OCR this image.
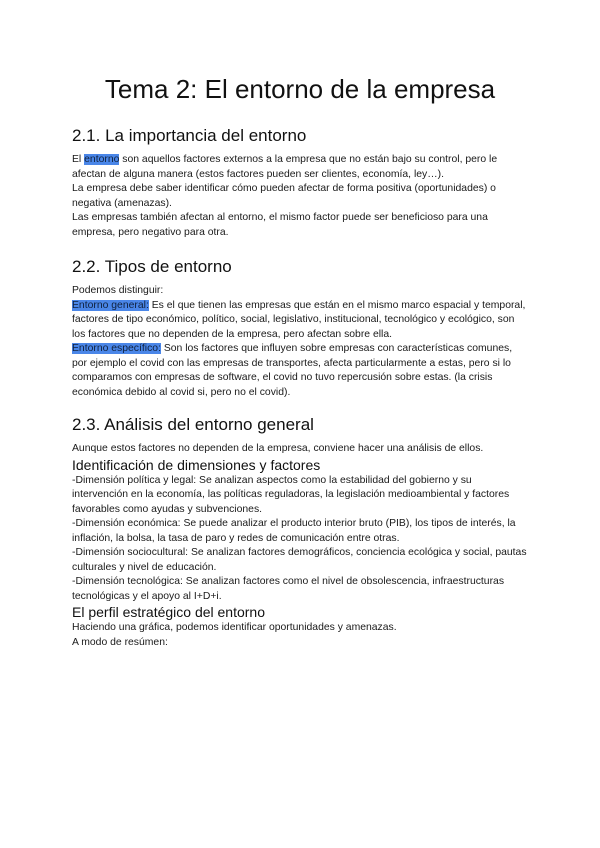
Tema 2: El entorno de la empresa
2.1. La importancia del entorno

El entorno son aquellos factores externos a la empresa que no están bajo su control, pero le afectan de alguna manera (estos factores pueden ser clientes, economía, ley…).

La empresa debe saber identificar cómo pueden afectar de forma positiva (oportunidades) o negativa (amenazas).

Las empresas también afectan al entorno, el mismo factor puede ser beneficioso para una empresa, pero negativo para otra.

2.2. Tipos de entorno

Podemos distinguir:

Entorno general: Es el que tienen las empresas que están en el mismo marco espacial y temporal, factores de tipo económico, político, social, legislativo, institucional, tecnológico y ecológico, son los factores que no dependen de la empresa, pero afectan sobre ella.

Entorno específico: Son los factores que influyen sobre empresas con características comunes, por ejemplo el covid con las empresas de transportes, afecta particularmente a estas, pero si lo comparamos con empresas de software, el covid no tuvo repercusión sobre estas. (la crisis económica debido al covid si, pero no el covid).

2.3. Análisis del entorno general

Aunque estos factores no dependen de la empresa, conviene hacer una análisis de ellos.

Identificación de dimensiones y factores

-Dimensión política y legal: Se analizan aspectos como la estabilidad del gobierno y su intervención en la economía, las políticas reguladoras, la legislación medioambiental y factores favorables como ayudas y subvenciones.

-Dimensión económica: Se puede analizar el producto interior bruto (PIB), los tipos de interés, la inflación, la bolsa, la tasa de paro y redes de comunicación entre otras.

-Dimensión sociocultural: Se analizan factores demográficos, conciencia ecológica y social, pautas culturales y nivel de educación.

-Dimensión tecnológica: Se analizan factores como el nivel de obsolescencia, infraestructuras tecnológicas y el apoyo al I+D+i.

El perfil estratégico del entorno

Haciendo una gráfica, podemos identificar oportunidades y amenazas.

A modo de resúmen:
